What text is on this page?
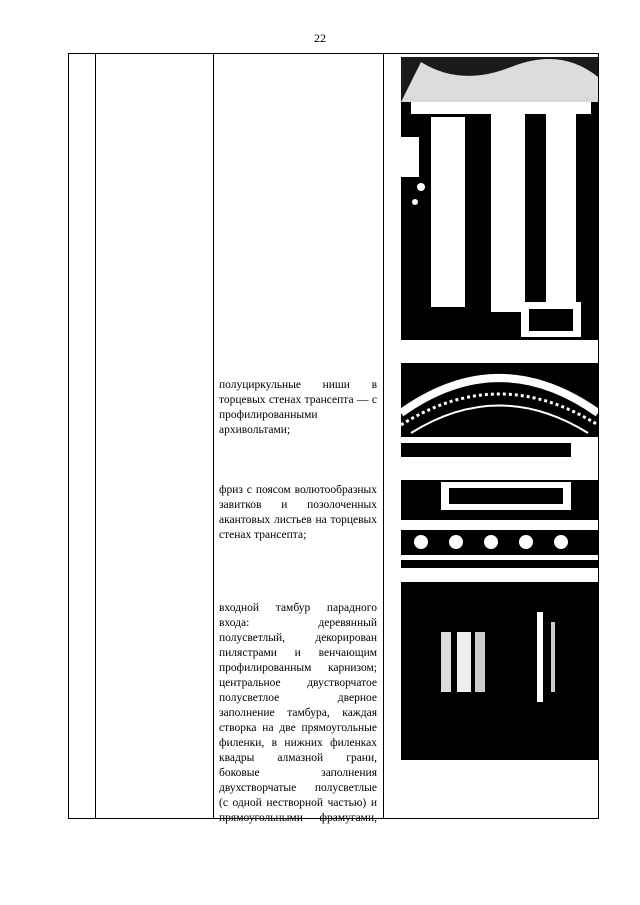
22
полуциркульные ниши в
торцевых стенах трансепта — с
профилированными
архивольтами;
фриз с поясом волютообразных
завитков и позолоченных
акантовых листьев на торцевых
стенах трансепта;
входной тамбур парадного
входа: деревянный
полусветлый, декорирован
пилястрами и венчающим
профилированным карнизом;
центральное двустворчатое
полусветлое дверное
заполнение тамбура, каждая
створка на две прямоугольные
филенки, в нижних филенках
квадры алмазной грани,
боковые заполнения
двухстворчатые полусветлые
(с одной нестворной частью) и
прямоугольными фрамугами,
